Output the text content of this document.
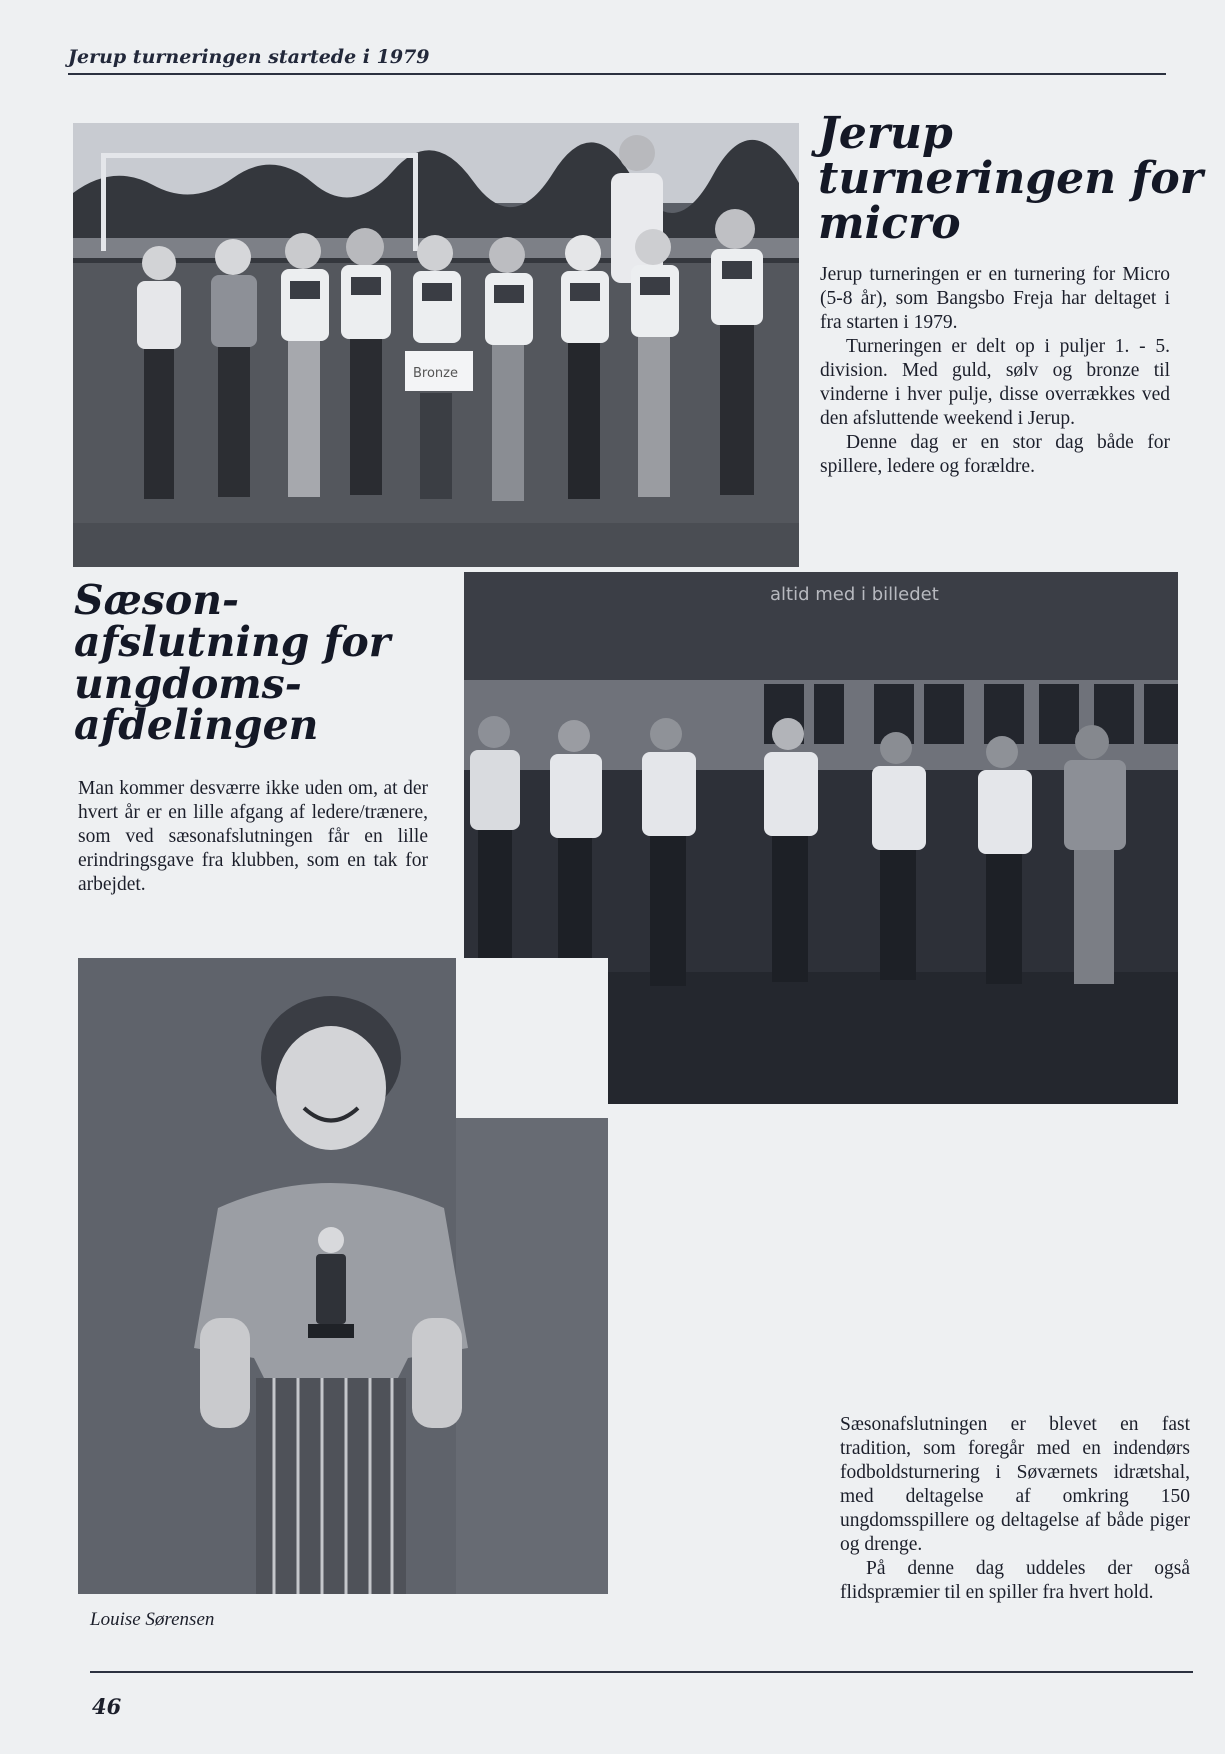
Jerup turneringen startede i 1979
Bronze
Jerup
turneringen for
micro

Jerup turneringen er en turnering for Micro (5-8 år), som Bangsbo Freja har deltaget i fra starten i 1979.

Turneringen er delt op i puljer 1. - 5. division. Med guld, sølv og bronze til vinderne i hver pulje, disse overrækkes ved den afsluttende weekend i Jerup.

Denne dag er en stor dag både for spillere, ledere og forældre.

Sæson-
afslutning for
ungdoms-
afdelingen

Man kommer desværre ikke uden om, at der hvert år er en lille afgang af ledere/trænere, som ved sæsonafslutningen får en lille erindringsgave fra klubben, som en tak for arbejdet.

altid med i billedet
Louise Sørensen

Sæsonafslutningen er blevet en fast tradition, som foregår med en indendørs fodboldsturnering i Søværnets idrætshal, med deltagelse af omkring 150 ungdomsspillere og deltagelse af både piger og drenge.

På denne dag uddeles der også flidspræmier til en spiller fra hvert hold.

46
